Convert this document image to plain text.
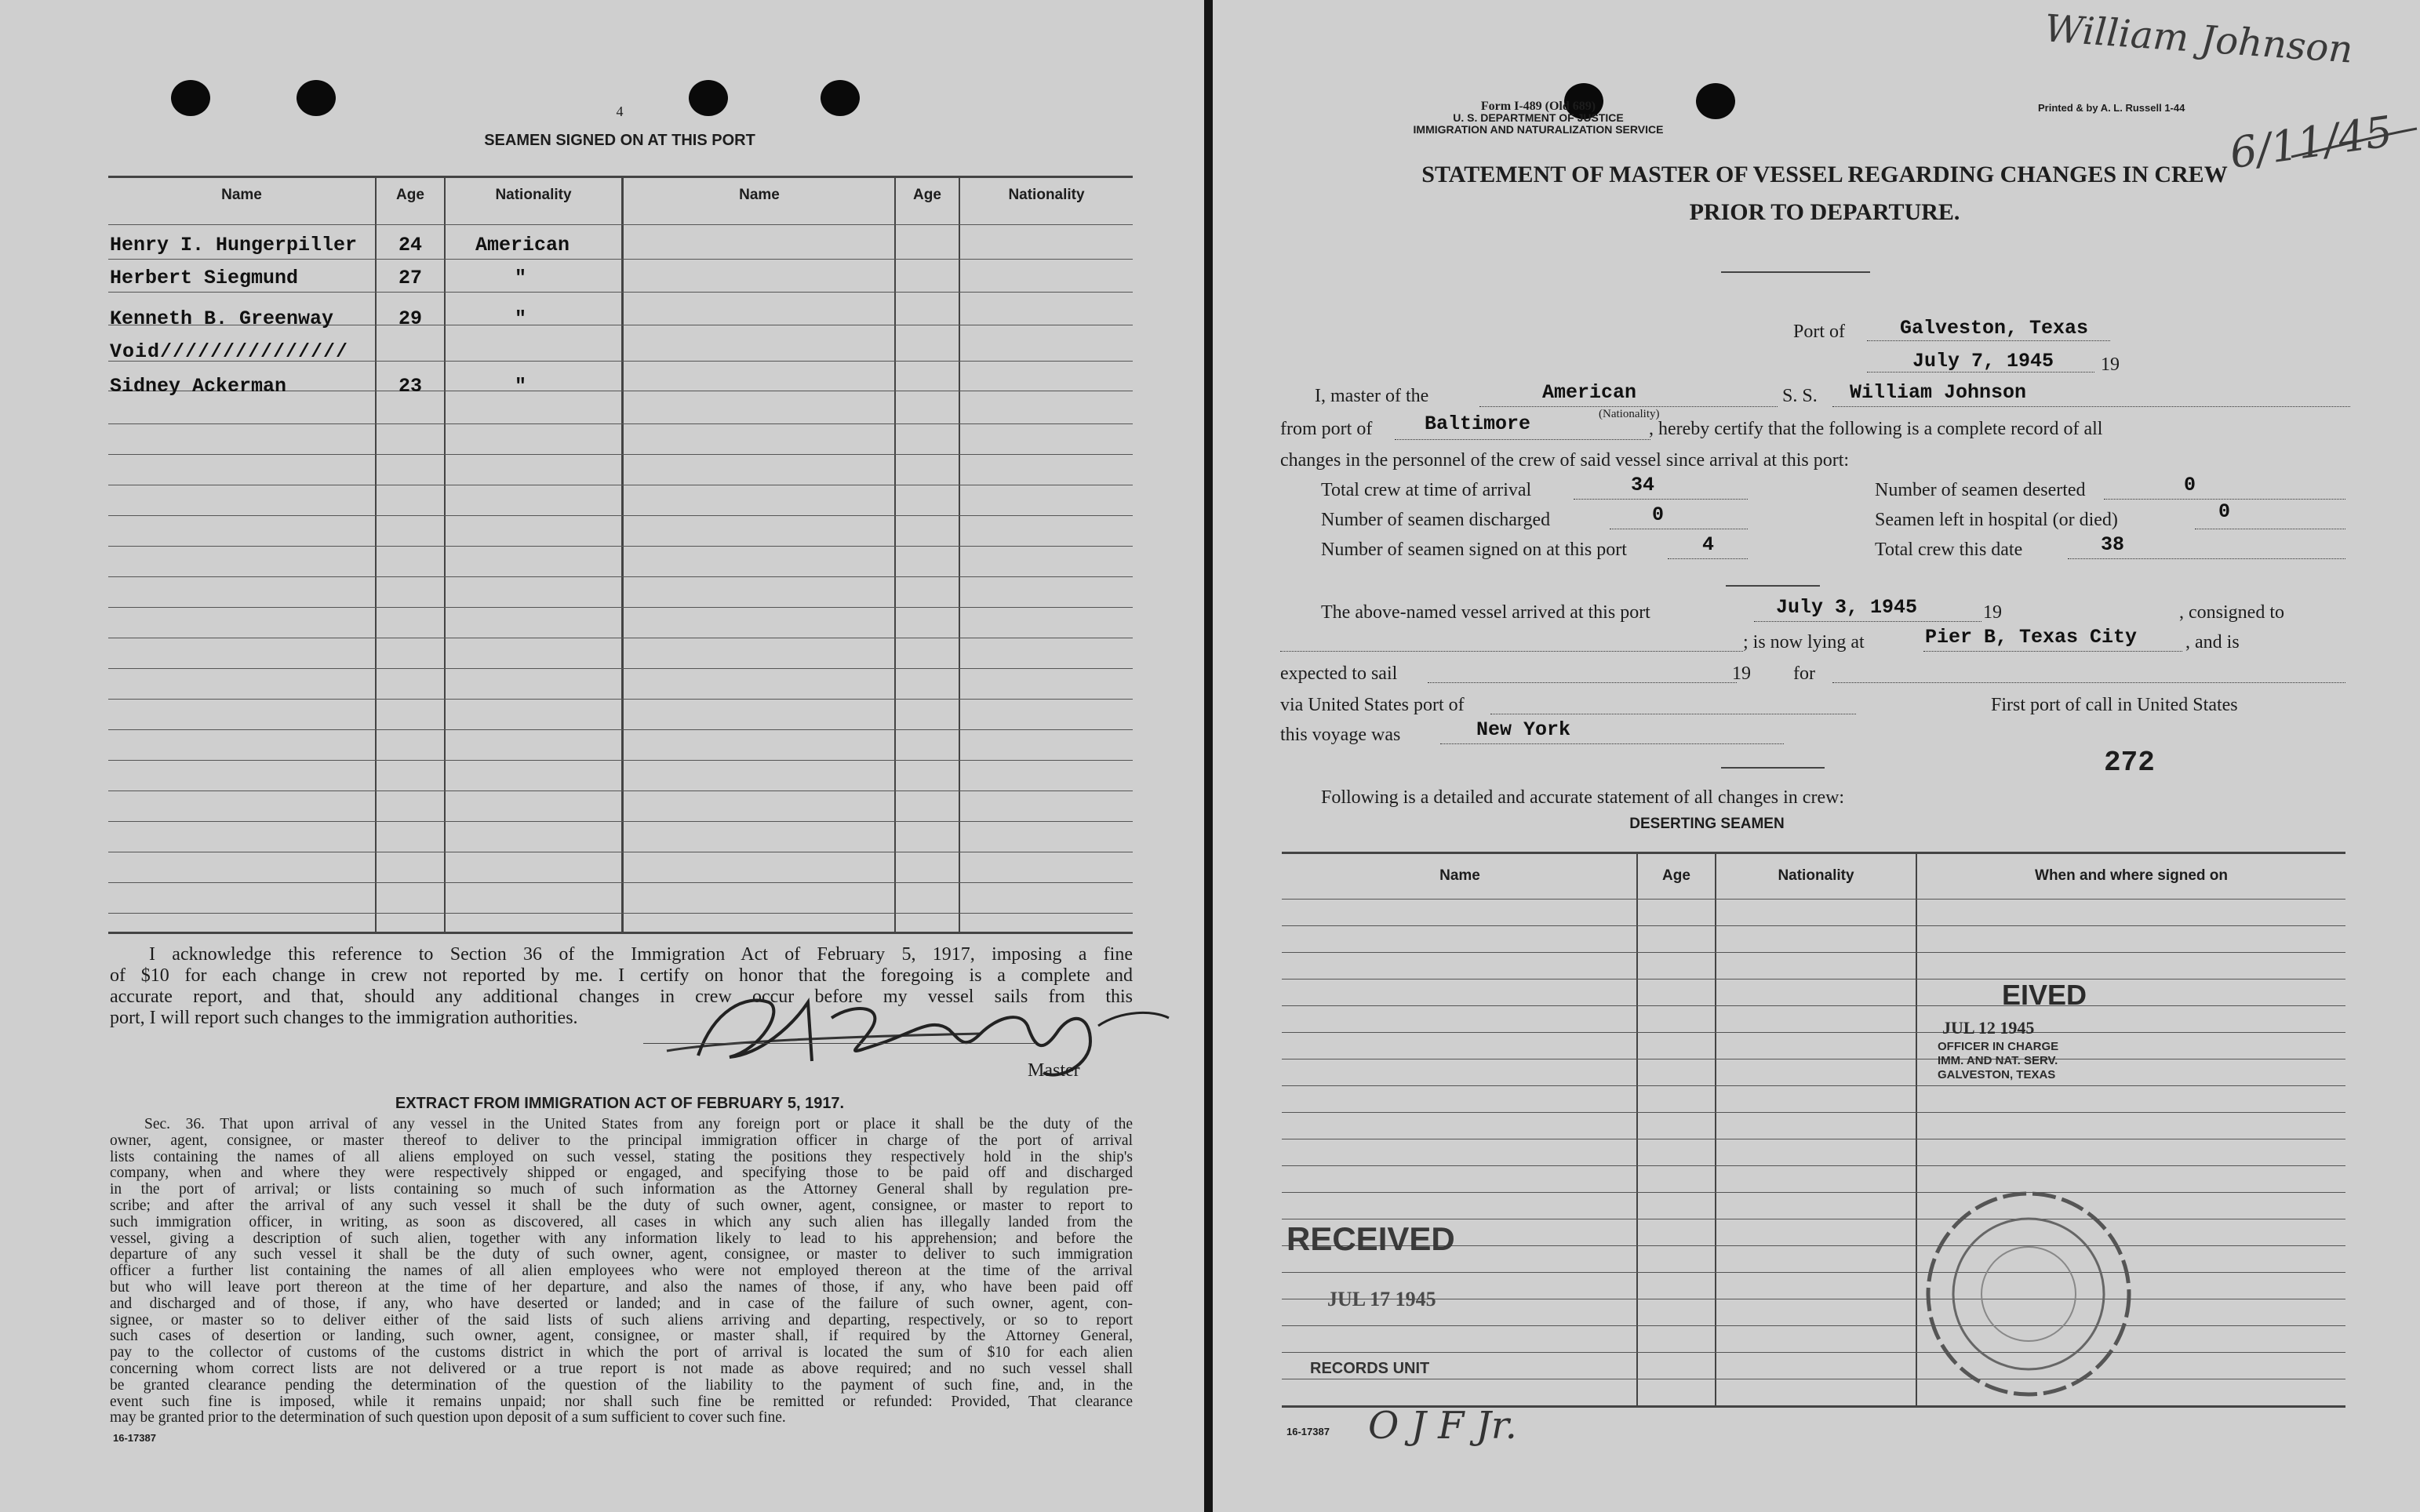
4
SEAMEN SIGNED ON AT THIS PORT
Name	Age	Nationality	Name	Age	Nationality
Henry I. Hungerpiller 24	American
Herbert Siegmund	27	"
Kenneth B. Greenway	29	"
Void///////////////
Sidney Ackerman	23	"
I acknowledge this reference to Section 36 of the Immigration Act of February 5, 1917, imposing a fine
of $10 for each change in crew not reported by me. I certify on honor that the foregoing is a complete and
accurate report, and that, should any additional changes in crew occur before my vessel sails from this
port, I will report such changes to the immigration authorities.
Master
EXTRACT FROM IMMIGRATION ACT OF FEBRUARY 5, 1917.
Sec. 36. That upon arrival of any vessel in the United States from any foreign port or place it shall be the duty of the
owner, agent, consignee, or master thereof to deliver to the principal immigration officer in charge of the port of arrival
lists containing the names of all aliens employed on such vessel, stating the positions they respectively hold in the ship's
company, when and where they were respectively shipped or engaged, and specifying those to be paid off and discharged
in the port of arrival; or lists containing so much of such information as the Attorney General shall by regulation pre-
scribe; and after the arrival of any such vessel it shall be the duty of such owner, agent, consignee, or master to report to
such immigration officer, in writing, as soon as discovered, all cases in which any such alien has illegally landed from the
vessel, giving a description of such alien, together with any information likely to lead to his apprehension; and before the
departure of any such vessel it shall be the duty of such owner, agent, consignee, or master to deliver to such immigration
officer a further list containing the names of all alien employees who were not employed thereon at the time of the arrival
but who will leave port thereon at the time of her departure, and also the names of those, if any, who have been paid off
and discharged and of those, if any, who have deserted or landed; and in case of the failure of such owner, agent, con-
signee, or master so to deliver either of the said lists of such aliens arriving and departing, respectively, or so to report
such cases of desertion or landing, such owner, agent, consignee, or master shall, if required by the Attorney General,
pay to the collector of customs of the customs district in which the port of arrival is located the sum of $10 for each alien
concerning whom correct lists are not delivered or a true report is not made as above required; and no such vessel shall
be granted clearance pending the determination of the question of the liability to the payment of such fine, and, in the
event such fine is imposed, while it remains unpaid; nor shall such fine be remitted or refunded: Provided, That clearance
may be granted prior to the determination of such question upon deposit of a sum sufficient to cover such fine.
16-17387
Form I-489 (Old 689)
U. S. DEPARTMENT OF JUSTICE
IMMIGRATION AND NATURALIZATION SERVICE
Printed & by A. L. Russell 1-44
STATEMENT OF MASTER OF VESSEL REGARDING CHANGES IN CREW
PRIOR TO DEPARTURE.
Port of	Galveston, Texas
July 7, 1945 19
I, master of the	American	S. S. William Johnson
from port of	Baltimore	(Nationality)
, hereby certify that the following is a complete record of all
changes in the personnel of the crew of said vessel since arrival at this port:
Total crew at time of arrival	34	Number of seamen deserted	0
Number of seamen discharged	0	Seamen left in hospital (or died)	0
Number of seamen signed on at this port	4	Total crew this date	38
The above-named vessel arrived at this port	July 3, 1945	19	, consigned to
; is now lying at	Pier B, Texas City	, and is
expected to sail	19 for
via United States port of	First port of call in United States
this voyage was	New York
272
Following is a detailed and accurate statement of all changes in crew:
DESERTING SEAMEN
Name	Age	Nationality	When and where signed on
EIVED
JUL 12 1945
OFFICER IN CHARGE
IMM. AND NAT. SERV.
GALVESTON, TEXAS
RECEIVED
JUL 17 1945
RECORDS UNIT
16-17387 O J F Jr.
William Johnson
6/11/45
